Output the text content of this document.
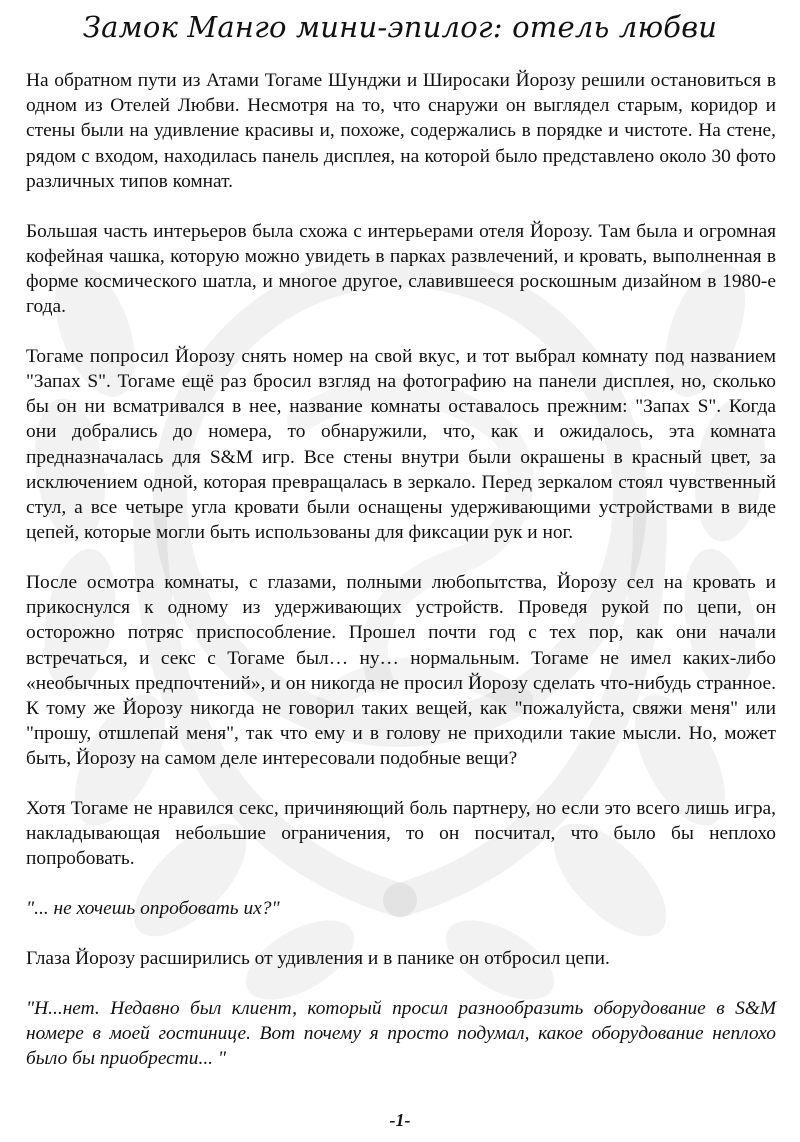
Замок Манго мини-эпилог: отель любви

На обратном пути из Атами Тогаме Шунджи и Широсаки Йорозу решили остановиться в одном из Отелей Любви. Несмотря на то, что снаружи он выглядел старым, коридор и стены были на удивление красивы и, похоже, содержались в порядке и чистоте. На стене, рядом с входом, находилась панель дисплея, на которой было представлено около 30 фото различных типов комнат.

Большая часть интерьеров была схожа с интерьерами отеля Йорозу. Там была и огромная кофейная чашка, которую можно увидеть в парках развлечений, и кровать, выполненная в форме космического шатла, и многое другое, славившееся роскошным дизайном в 1980-е года.

Тогаме попросил Йорозу снять номер на свой вкус, и тот выбрал комнату под названием "Запах S". Тогаме ещё раз бросил взгляд на фотографию на панели дисплея, но, сколько бы он ни всматривался в нее, название комнаты оставалось прежним: "Запах S". Когда они добрались до номера, то обнаружили, что, как и ожидалось, эта комната предназначалась для S&M игр. Все стены внутри были окрашены в красный цвет, за исключением одной, которая превращалась в зеркало. Перед зеркалом стоял чувственный стул, а все четыре угла кровати были оснащены удерживающими устройствами в виде цепей, которые могли быть использованы для фиксации рук и ног.

После осмотра комнаты, с глазами, полными любопытства, Йорозу сел на кровать и прикоснулся к одному из удерживающих устройств. Проведя рукой по цепи, он осторожно потряс приспособление. Прошел почти год с тех пор, как они начали встречаться, и секс с Тогаме был… ну… нормальным. Тогаме не имел каких-либо «необычных предпочтений», и он никогда не просил Йорозу сделать что-нибудь странное. К тому же Йорозу никогда не говорил таких вещей, как "пожалуйста, свяжи меня" или "прошу, отшлепай меня", так что ему и в голову не приходили такие мысли. Но, может быть, Йорозу на самом деле интересовали подобные вещи?

Хотя Тогаме не нравился секс, причиняющий боль партнеру, но если это всего лишь игра, накладывающая небольшие ограничения, то он посчитал, что было бы неплохо попробовать.

"... не хочешь опробовать их?"

Глаза Йорозу расширились от удивления и в панике он отбросил цепи.

"Н...нет. Недавно был клиент, который просил разнообразить оборудование в S&M номере в моей гостинице. Вот почему я просто подумал, какое оборудование неплохо было бы приобрести... "

-1-
